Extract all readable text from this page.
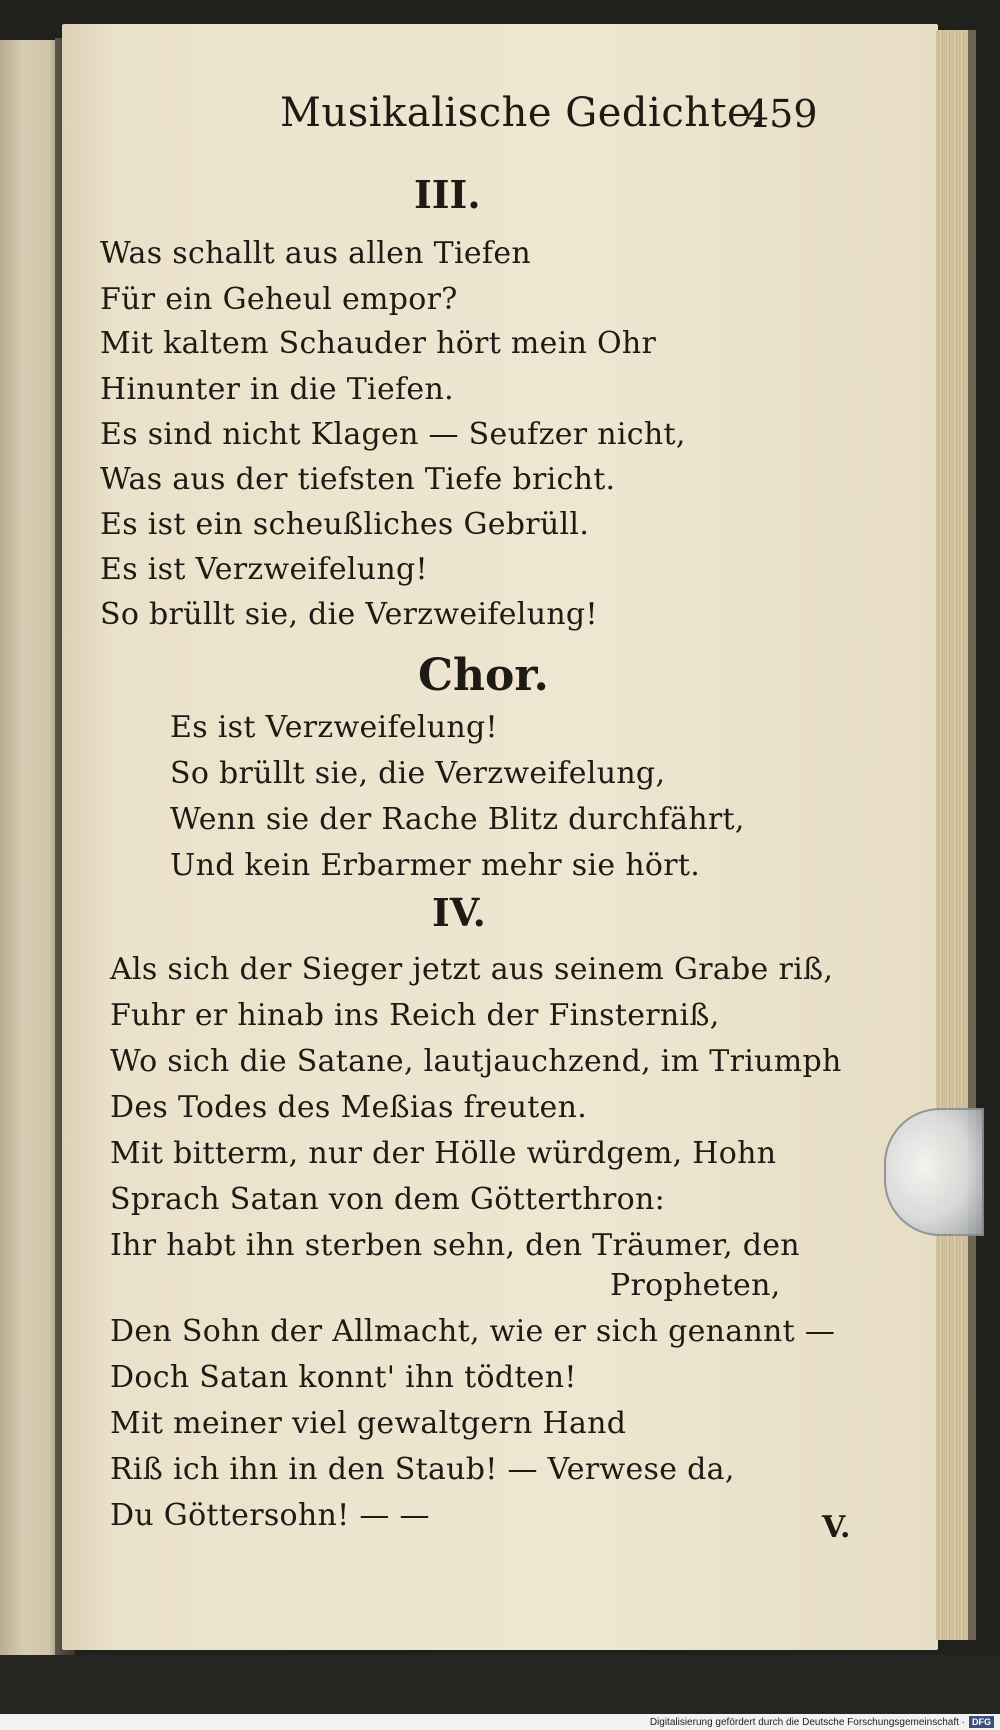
Musikalische Gedichte.
459
III.
Was schallt aus allen Tiefen
Für ein Geheul empor?
Mit kaltem Schauder hört mein Ohr
Hinunter in die Tiefen.
Es sind nicht Klagen — Seufzer nicht,
Was aus der tiefsten Tiefe bricht.
Es ist ein scheußliches Gebrüll.
Es ist Verzweifelung!
So brüllt sie, die Verzweifelung!
Chor.
Es ist Verzweifelung!
So brüllt sie, die Verzweifelung,
Wenn sie der Rache Blitz durchfährt,
Und kein Erbarmer mehr sie hört.
IV.
Als sich der Sieger jetzt aus seinem Grabe riß,
Fuhr er hinab ins Reich der Finsterniß,
Wo sich die Satane, lautjauchzend, im Triumph
Des Todes des Meßias freuten.
Mit bitterm, nur der Hölle würdgem, Hohn
Sprach Satan von dem Götterthron:
Ihr habt ihn sterben sehn, den Träumer, den
Propheten,
Den Sohn der Allmacht, wie er sich genannt —
Doch Satan konnt' ihn tödten!
Mit meiner viel gewaltgern Hand
Riß ich ihn in den Staub! — Verwese da,
Du Göttersohn! — —	V.
Digitalisierung gefördert durch die Deutsche Forschungsgemeinschaft · DFG
